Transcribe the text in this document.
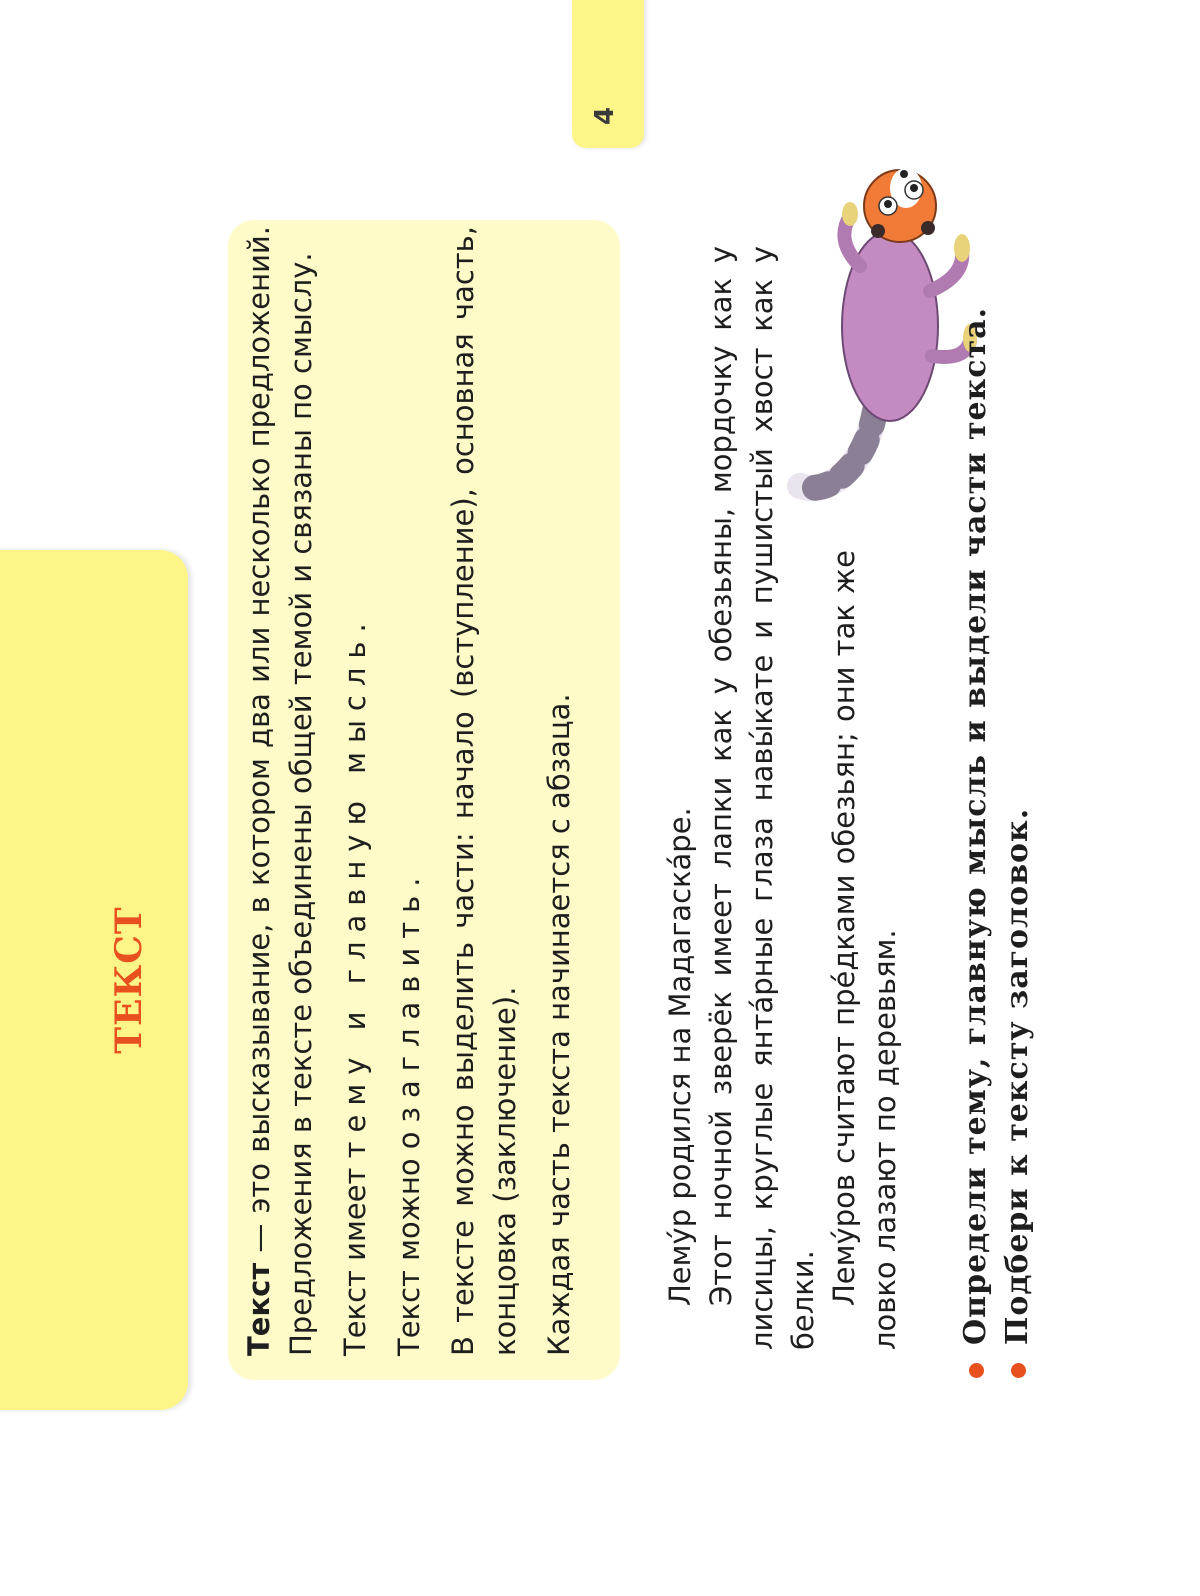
ТЕКСТ
4

Текст — это высказывание, в котором два или несколько предложений. Предложения в тексте объединены общей темой и связаны по смыслу. Текст имеет тему и главную мысль.

Текст можно озаглавить. В тексте можно выделить части: начало (вступление), основная часть, концовка (заключение). Каждая часть текста начинается с абзаца.	Лему́р родился на Мадагаска́ре. Этот ночной зверёк имеет лапки как у обезьяны, мордочку как у лисицы, круглые янта́рные глаза навы́кате и пушистый хвост как у белки. Лему́ров считают пре́дками обезьян; они так же ловко лазают по деревьям. Определи тему, главную мысль и выдели части текста. Подбери к тексту заголовок.
